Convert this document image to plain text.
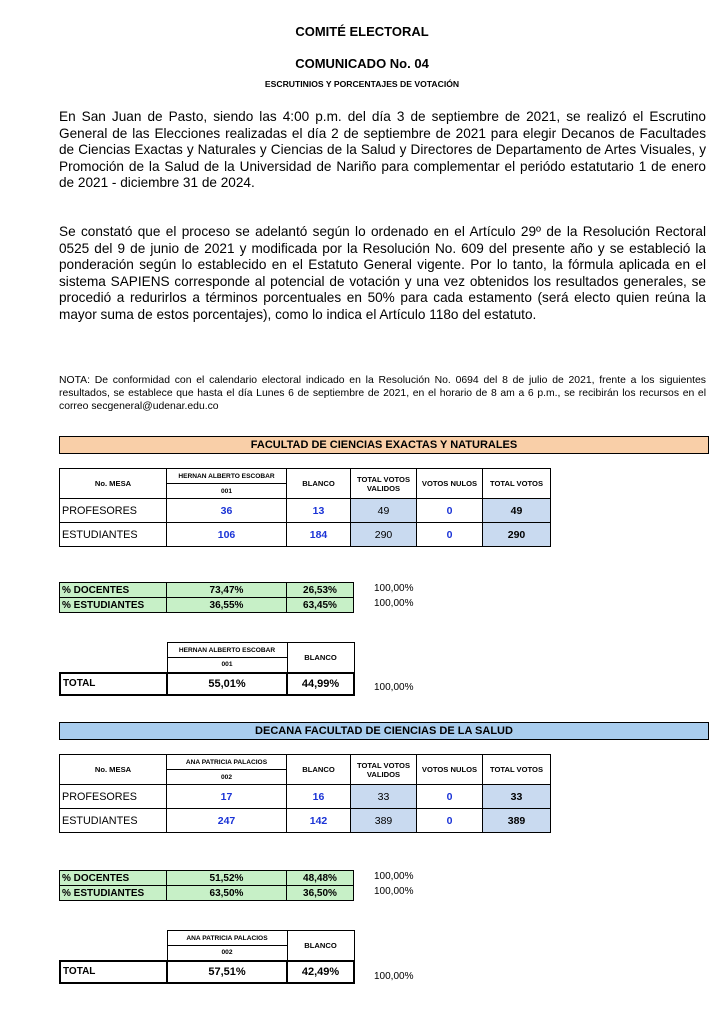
COMITÉ ELECTORAL
COMUNICADO No. 04
ESCRUTINIOS Y PORCENTAJES DE VOTACIÓN
En San Juan de Pasto, siendo las 4:00 p.m. del día 3 de septiembre de 2021, se realizó el Escrutino General de las Elecciones realizadas el día 2 de septiembre de 2021 para elegir Decanos de Facultades de Ciencias Exactas y Naturales y Ciencias de la Salud y Directores de Departamento de Artes Visuales, y Promoción de la Salud de la Universidad de Nariño para complementar el periódo estatutario 1 de enero de 2021 - diciembre 31 de 2024.
Se constató que el proceso se adelantó según lo ordenado en el Artículo 29º de la Resolución Rectoral 0525 del 9 de junio de 2021 y modificada por la Resolución No. 609 del presente año y se estableció la ponderación según lo establecido en el Estatuto General vigente. Por lo tanto, la fórmula aplicada en el sistema SAPIENS corresponde al potencial de votación y una vez obtenidos los resultados generales, se procedió a redurirlos a términos porcentuales en 50% para cada estamento (será electo quien reúna la mayor suma de estos porcentajes), como lo indica el Artículo 118o del estatuto.
NOTA: De conformidad con el calendario electoral indicado en la Resolución No. 0694 del 8 de julio de 2021, frente a los siguientes resultados, se establece que hasta el día Lunes 6 de septiembre de 2021, en el horario de 8 am a 6 p.m., se recibirán los recursos en el correo secgeneral@udenar.edu.co
FACULTAD DE CIENCIAS EXACTAS Y NATURALES
No. MESA	HERNAN ALBERTO ESCOBAR	BLANCO	TOTAL VOTOS VALIDOS	VOTOS NULOS	TOTAL VOTOS
	001				
PROFESORES	36	13	49	0	49
ESTUDIANTES	106	184	290	0	290
% DOCENTES	73,47%	26,53%
% ESTUDIANTES	36,55%	63,45%
100,00%
100,00%
	HERNAN ALBERTO ESCOBAR	BLANCO
	001	
TOTAL	55,01%	44,99%	100,00%
DECANA FACULTAD DE CIENCIAS DE LA SALUD
No. MESA	ANA PATRICIA PALACIOS	BLANCO	TOTAL VOTOS VALIDOS	VOTOS NULOS	TOTAL VOTOS
	002				
PROFESORES	17	16	33	0	33
ESTUDIANTES	247	142	389	0	389
% DOCENTES	51,52%	48,48%
% ESTUDIANTES	63,50%	36,50%
100,00%
100,00%
	ANA PATRICIA PALACIOS	BLANCO
	002	
TOTAL	57,51%	42,49%	100,00%
